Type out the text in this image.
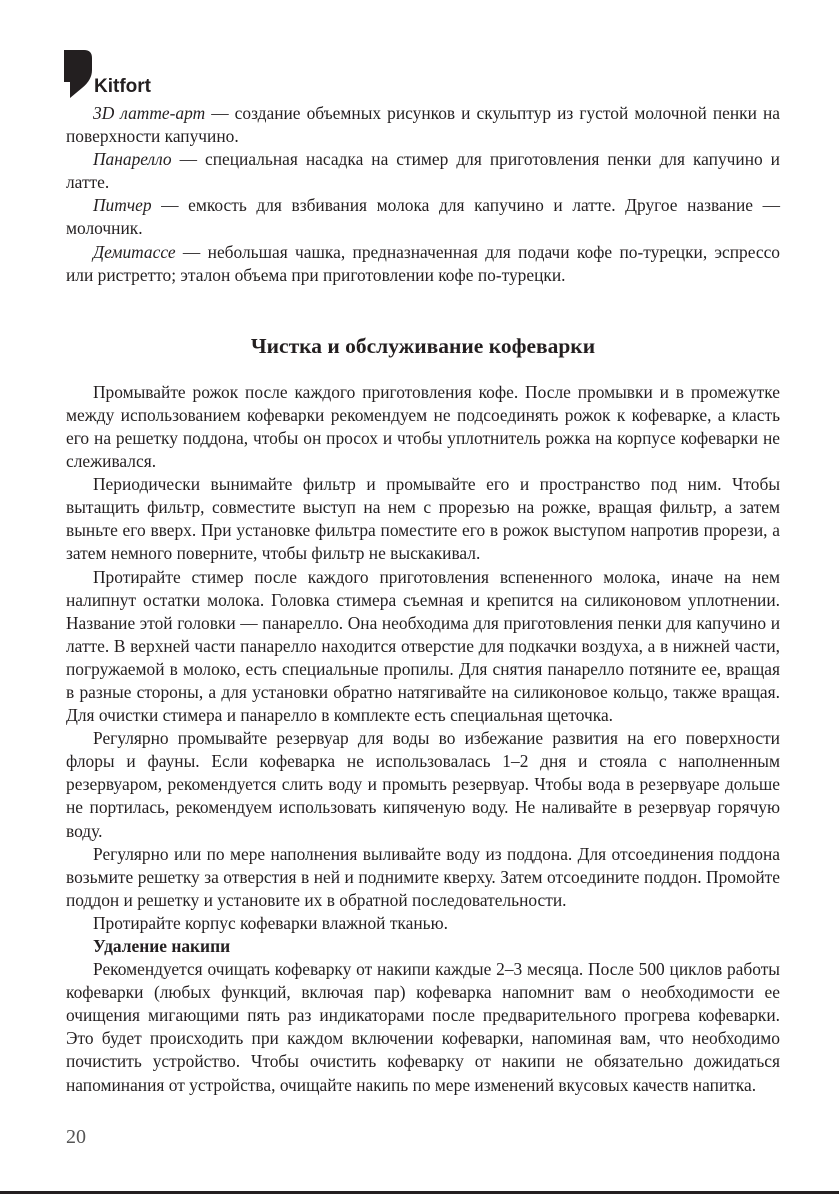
Kitfort

3D латте-арт — создание объемных рисунков и скульптур из густой молочной пенки на поверхности капучино.

Панарелло — специальная насадка на стимер для приготовления пенки для капучино и латте.

Питчер — емкость для взбивания молока для капучино и латте. Другое название — молочник.

Демитассе — небольшая чашка, предназначенная для подачи кофе по-турецки, эспрессо или ристретто; эталон объема при приготовлении кофе по-турецки.

Чистка и обслуживание кофеварки

Промывайте рожок после каждого приготовления кофе. После промывки и в промежутке между использованием кофеварки рекомендуем не подсоединять рожок к кофеварке, а класть его на решетку поддона, чтобы он просох и чтобы уплотнитель рожка на корпусе кофеварки не слеживался.

Периодически вынимайте фильтр и промывайте его и пространство под ним. Чтобы вытащить фильтр, совместите выступ на нем с прорезью на рожке, вращая фильтр, а затем выньте его вверх. При установке фильтра поместите его в рожок выступом напротив прорези, а затем немного поверните, чтобы фильтр не выскакивал.

Протирайте стимер после каждого приготовления вспененного молока, иначе на нем налипнут остатки молока. Головка стимера съемная и крепится на силиконовом уплотнении. Название этой головки — панарелло. Она необходима для приготовления пенки для капучино и латте. В верхней части панарелло находится отверстие для подкачки воздуха, а в нижней части, погружаемой в молоко, есть специальные пропилы. Для снятия панарелло потяните ее, вращая в разные стороны, а для установки обратно натягивайте на силиконовое кольцо, также вращая. Для очистки стимера и панарелло в комплекте есть специальная щеточка.

Регулярно промывайте резервуар для воды во избежание развития на его поверхности флоры и фауны. Если кофеварка не использовалась 1–2 дня и стояла с наполненным резервуаром, рекомендуется слить воду и промыть резервуар. Чтобы вода в резервуаре дольше не портилась, рекомендуем использовать кипяченую воду. Не наливайте в резервуар горячую воду.

Регулярно или по мере наполнения выливайте воду из поддона. Для отсоединения поддона возьмите решетку за отверстия в ней и поднимите кверху. Затем отсоедините поддон. Промойте поддон и решетку и установите их в обратной последовательности.

Протирайте корпус кофеварки влажной тканью.

Удаление накипи

Рекомендуется очищать кофеварку от накипи каждые 2–3 месяца. После 500 циклов работы кофеварки (любых функций, включая пар) кофеварка напомнит вам о необходимости ее очищения мигающими пять раз индикаторами после предварительного прогрева кофеварки. Это будет происходить при каждом включении кофеварки, напоминая вам, что необходимо почистить устройство. Чтобы очистить кофеварку от накипи не обязательно дожидаться напоминания от устройства, очищайте накипь по мере изменений вкусовых качеств напитка.

20
